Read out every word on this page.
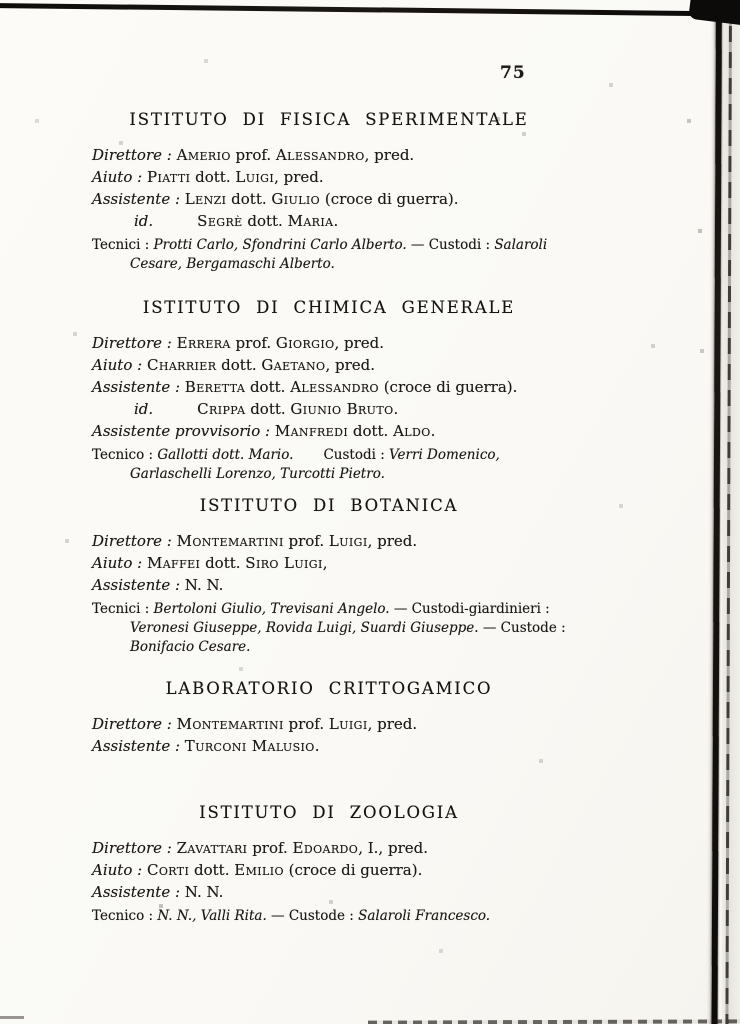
75
ISTITUTO DI FISICA SPERIMENTALE

Direttore : Amerio prof. Alessandro, pred.

Aiuto : Piatti dott. Luigi, pred.

Assistente : Lenzi dott. Giulio (croce di guerra).

id.	Segrè dott. Maria.

Tecnici : Protti Carlo, Sfondrini Carlo Alberto. — Custodi : Salaroli Cesare, Bergamaschi Alberto.

ISTITUTO DI CHIMICA GENERALE

Direttore : Errera prof. Giorgio, pred.

Aiuto : Charrier dott. Gaetano, pred.

Assistente : Beretta dott. Alessandro (croce di guerra).

id.	Crippa dott. Giunio Bruto.

Assistente provvisorio : Manfredi dott. Aldo.

Tecnico : Gallotti dott. Mario. Custodi : Verri Domenico, Garlaschelli Lorenzo, Turcotti Pietro.

ISTITUTO DI BOTANICA

Direttore : Montemartini prof. Luigi, pred.

Aiuto : Maffei dott. Siro Luigi,

Assistente : N. N.

Tecnici : Bertoloni Giulio, Trevisani Angelo. — Custodi-giardinieri : Veronesi Giuseppe, Rovida Luigi, Suardi Giuseppe. — Custode : Bonifacio Cesare.

LABORATORIO CRITTOGAMICO

Direttore : Montemartini prof. Luigi, pred.

Assistente : Turconi Malusio.

ISTITUTO DI ZOOLOGIA

Direttore : Zavattari prof. Edoardo, I., pred.

Aiuto : Corti dott. Emilio (croce di guerra).

Assistente : N. N.

Tecnico : N. N., Valli Rita. — Custode : Salaroli Francesco.
